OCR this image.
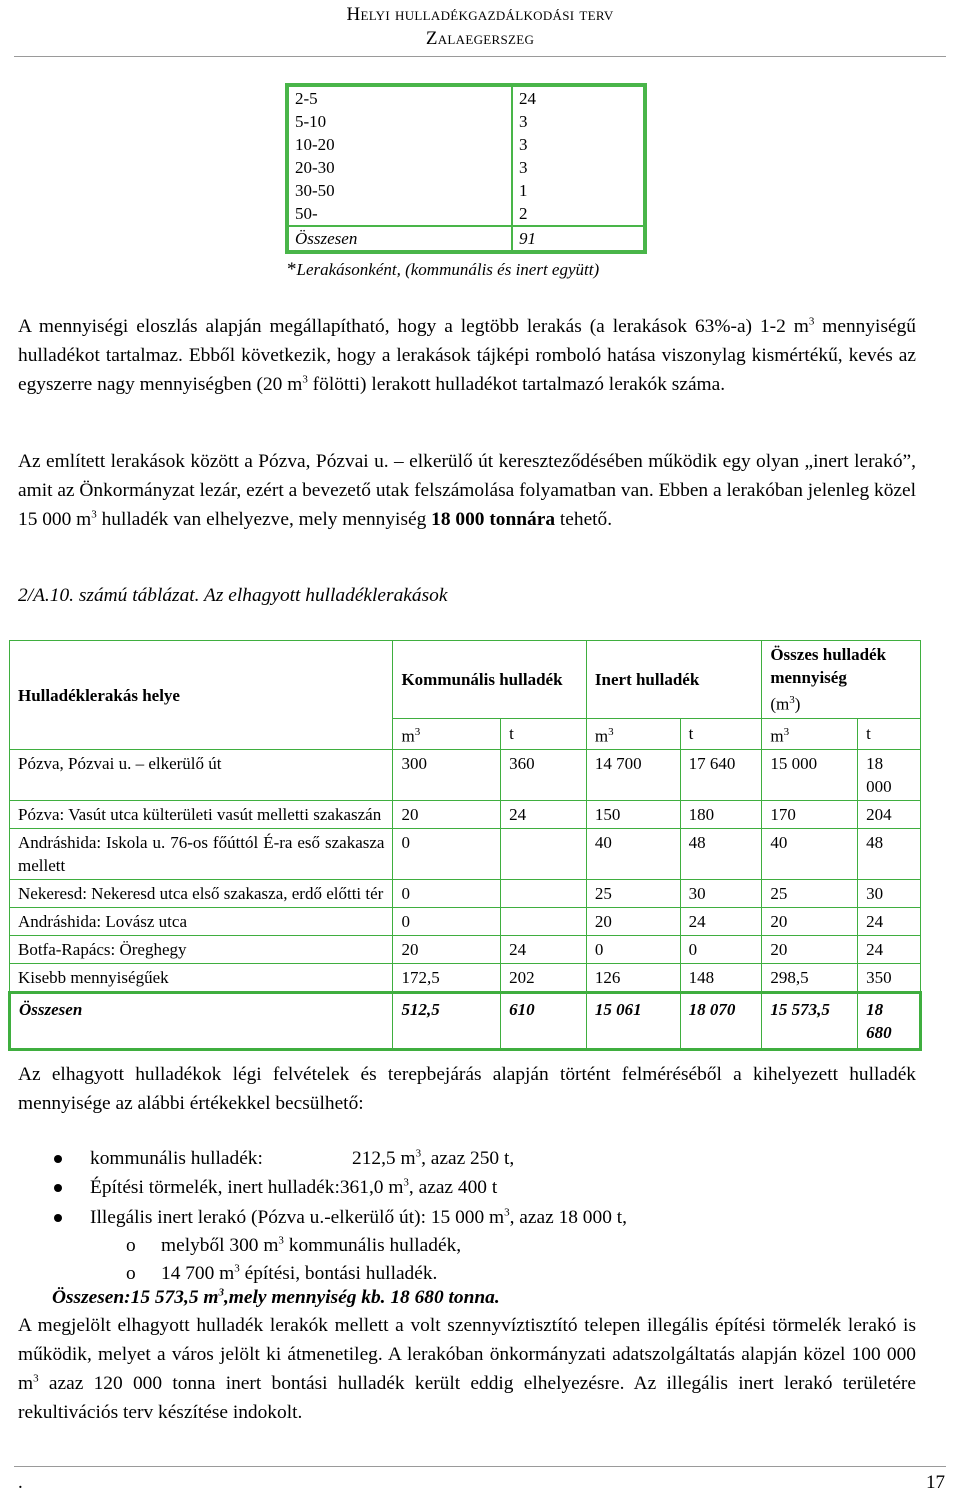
Helyi hulladékgazdálkodási terv
Zalaegerszeg
2-5	24
5-10	3
10-20	3
20-30	3
30-50	1
50-	2
Összesen	91
*Lerakásonként, (kommunális és inert együtt)
A mennyiségi eloszlás alapján megállapítható, hogy a legtöbb lerakás (a lerakások 63%-a) 1-2 $m^3$ mennyiségű hulladékot tartalmaz. Ebből következik, hogy a lerakások tájképi romboló hatása viszonylag kismértékű, kevés az egyszerre nagy mennyiségben (20 $m^3$ fölötti) lerakott hulladékot tartalmazó lerakók száma.
Az említett lerakások között a Pózva, Pózvai u. – elkerülő út kereszteződésében működik egy olyan „inert lerakó”, amit az Önkormányzat lezár, ezért a bevezető utak felszámolása folyamatban van. Ebben a lerakóban jelenleg közel 15 000 $m^3$ hulladék van elhelyezve, mely mennyiség 18 000 tonnára tehető.
2/A.10. számú táblázat. Az elhagyott hulladéklerakások
Hulladéklerakás helye	Kommunális hulladék		Inert hulladék		Összes hulladék mennyiség
$(m^3)$	
	$m^3$	t	$m^3$	t	$m^3$	t
Pózva, Pózvai u. – elkerülő út	300	360	14 700	17 640	15 000	18 000
Pózva: Vasút utca külterületi vasút melletti szakaszán	20	24	150	180	170	204
Andráshida: Iskola u. 76-os főúttól É-ra eső szakasza mellett	0		40	48	40	48
Nekeresd: Nekeresd utca első szakasza, erdő előtti tér	0		25	30	25	30
Andráshida: Lovász utca	0		20	24	20	24
Botfa-Rapács: Öreghegy	20	24	0	0	20	24
Kisebb mennyiségűek	172,5	202	126	148	298,5	350
Összesen	512,5	610	15 061	18 070	15 573,5	18 680
Az elhagyott hulladékok légi felvételek és terepbejárás alapján történt felméréséből a kihelyezett hulladék mennyisége az alábbi értékekkel becsülhető:
kommunális hulladék:	212,5 $m^3$, azaz 250 t,
Építési törmelék, inert hulladék:361,0 $m^3$, azaz 400 t
Illegális inert lerakó (Pózva u.-elkerülő út): 15 000 $m^3$, azaz 18 000 t,
o melyből 300 $m^3$ kommunális hulladék,
o 14 700 $m^3$ építési, bontási hulladék.
Összesen:15 573,5 $m^3,mely$ mennyiség kb. 18 680 tonna.
A megjelölt elhagyott hulladék lerakók mellett a volt szennyvíztisztító telepen illegális építési törmelék lerakó is működik, melyet a város jelölt ki átmenetileg. A lerakóban önkormányzati adatszolgáltatás alapján közel 100 000 $m^3$ azaz 120 000 tonna inert bontási hulladék került eddig elhelyezésre. Az illegális inert lerakó területére rekultivációs terv készítése indokolt.
.	17
